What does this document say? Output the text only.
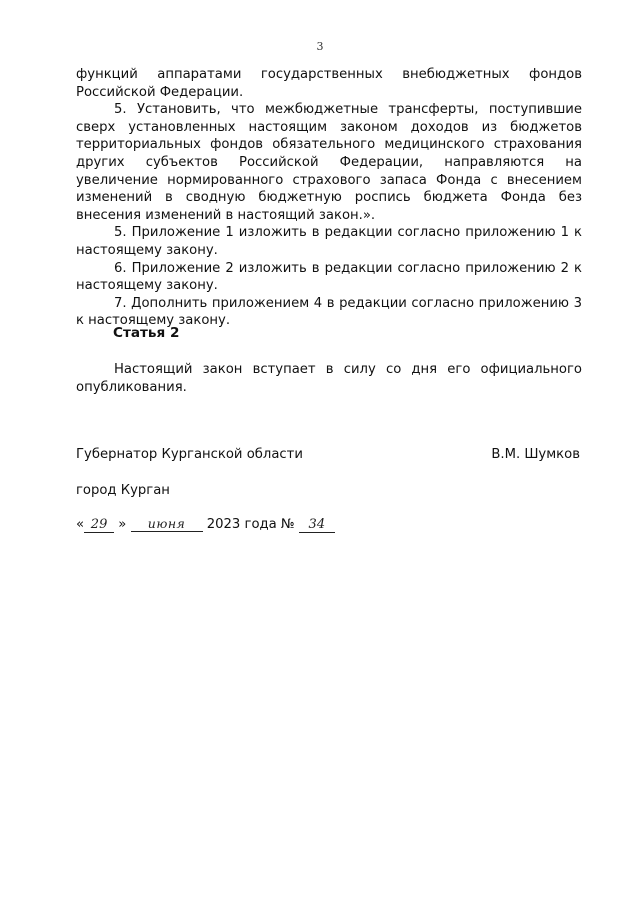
3

функций аппаратами государственных внебюджетных фондов Российской Федерации.

5. Установить, что межбюджетные трансферты, поступившие сверх установленных настоящим законом доходов из бюджетов территориальных фондов обязательного медицинского страхования других субъектов Российской Федерации, направляются на увеличение нормированного страхового запаса Фонда с внесением изменений в сводную бюджетную роспись бюджета Фонда без внесения изменений в настоящий закон.».

5. Приложение 1 изложить в редакции согласно приложению 1 к настоящему закону.

6. Приложение 2 изложить в редакции согласно приложению 2 к настоящему закону.

7. Дополнить приложением 4 в редакции согласно приложению 3 к настоящему закону.

Статья 2

Настоящий закон вступает в силу со дня его официального опубликования.

Губернатор Курганской области	В.М. Шумков
город Курган
« 29 » июня 2023 года № 34
